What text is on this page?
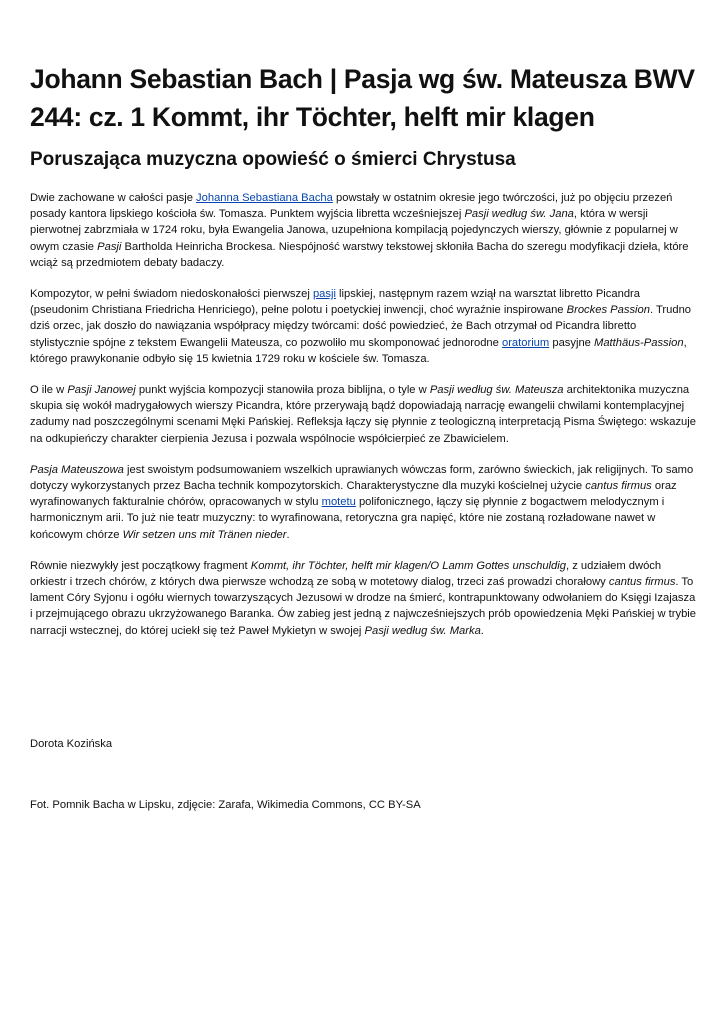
Johann Sebastian Bach | Pasja wg św. Mateusza BWV 244: cz. 1 Kommt, ihr Töchter, helft mir klagen
Poruszająca muzyczna opowieść o śmierci Chrystusa

Dwie zachowane w całości pasje Johanna Sebastiana Bacha powstały w ostatnim okresie jego twórczości, już po objęciu przezeń posady kantora lipskiego kościoła św. Tomasza. Punktem wyjścia libretta wcześniejszej Pasji według św. Jana, która w wersji pierwotnej zabrzmiała w 1724 roku, była Ewangelia Janowa, uzupełniona kompilacją pojedynczych wierszy, głównie z popularnej w owym czasie Pasji Bartholda Heinricha Brockesa. Niespójność warstwy tekstowej skłoniła Bacha do szeregu modyfikacji dzieła, które wciąż są przedmiotem debaty badaczy.

Kompozytor, w pełni świadom niedoskonałości pierwszej pasji lipskiej, następnym razem wziął na warsztat libretto Picandra (pseudonim Christiana Friedricha Henriciego), pełne polotu i poetyckiej inwencji, choć wyraźnie inspirowane Brockes Passion. Trudno dziś orzec, jak doszło do nawiązania współpracy między twórcami: dość powiedzieć, że Bach otrzymał od Picandra libretto stylistycznie spójne z tekstem Ewangelii Mateusza, co pozwoliło mu skomponować jednorodne oratorium pasyjne Matthäus-Passion, którego prawykonanie odbyło się 15 kwietnia 1729 roku w kościele św. Tomasza.

O ile w Pasji Janowej punkt wyjścia kompozycji stanowiła proza biblijna, o tyle w Pasji według św. Mateusza architektonika muzyczna skupia się wokół madrygałowych wierszy Picandra, które przerywają bądź dopowiadają narrację ewangelii chwilami kontemplacyjnej zadumy nad poszczególnymi scenami Męki Pańskiej. Refleksja łączy się płynnie z teologiczną interpretacją Pisma Świętego: wskazuje na odkupieńczy charakter cierpienia Jezusa i pozwala wspólnocie współcierpieć ze Zbawicielem.

Pasja Mateuszowa jest swoistym podsumowaniem wszelkich uprawianych wówczas form, zarówno świeckich, jak religijnych. To samo dotyczy wykorzystanych przez Bacha technik kompozytorskich. Charakterystyczne dla muzyki kościelnej użycie cantus firmus oraz wyrafinowanych fakturalnie chórów, opracowanych w stylu motetu polifonicznego, łączy się płynnie z bogactwem melodycznym i harmonicznym arii. To już nie teatr muzyczny: to wyrafinowana, retoryczna gra napięć, które nie zostaną rozładowane nawet w końcowym chórze Wir setzen uns mit Tränen nieder.

Równie niezwykły jest początkowy fragment Kommt, ihr Töchter, helft mir klagen/O Lamm Gottes unschuldig, z udziałem dwóch orkiestr i trzech chórów, z których dwa pierwsze wchodzą ze sobą w motetowy dialog, trzeci zaś prowadzi chorałowy cantus firmus. To lament Córy Syjonu i ogółu wiernych towarzyszących Jezusowi w drodze na śmierć, kontrapunktowany odwołaniem do Księgi Izajasza i przejmującego obrazu ukrzyżowanego Baranka. Ów zabieg jest jedną z najwcześniejszych prób opowiedzenia Męki Pańskiej w trybie narracji wstecznej, do której uciekł się też Paweł Mykietyn w swojej Pasji według św. Marka.

Dorota Kozińska
Fot. Pomnik Bacha w Lipsku, zdjęcie: Zarafa, Wikimedia Commons, CC BY-SA
